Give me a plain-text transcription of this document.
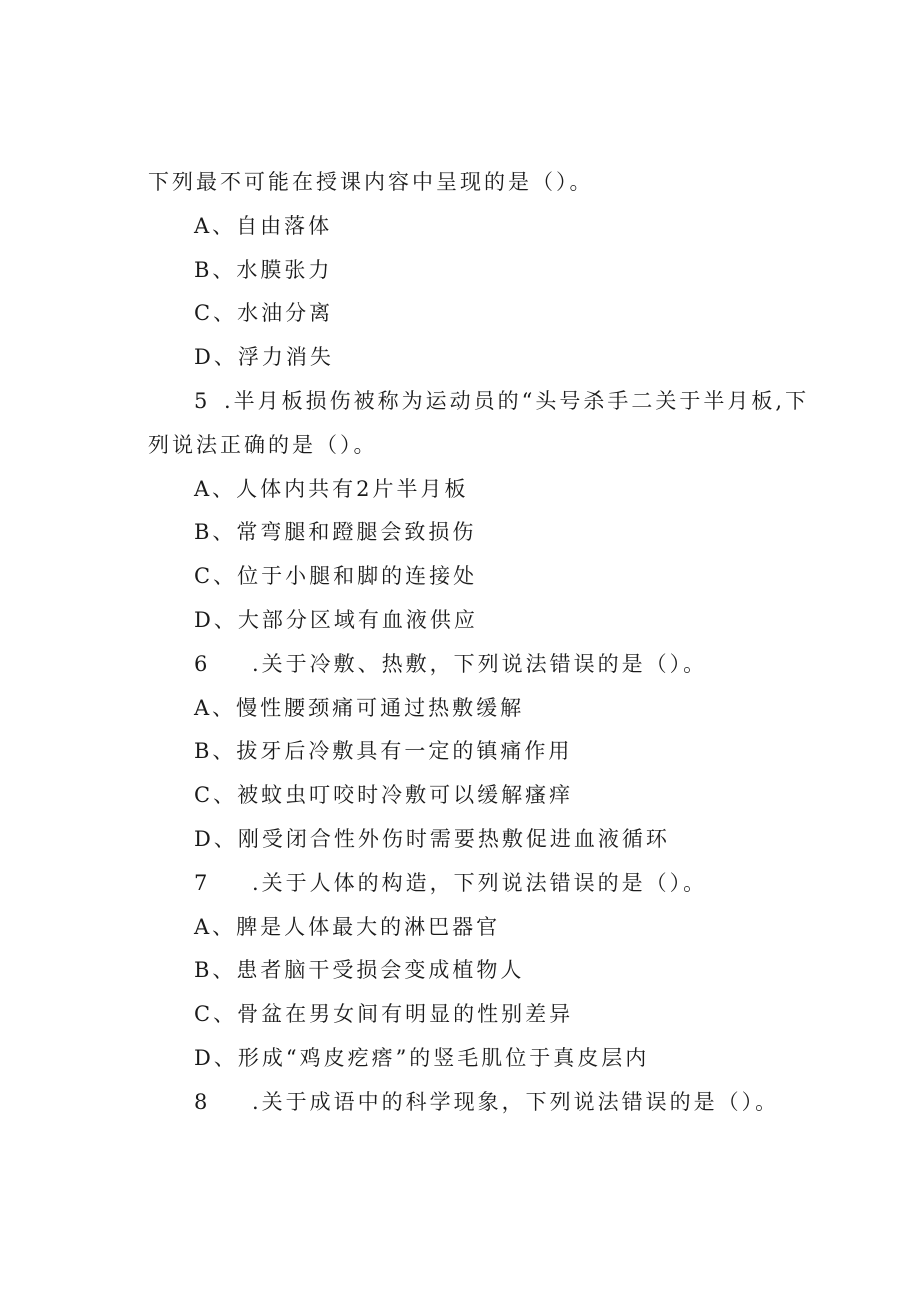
下列最不可能在授课内容中呈现的是（）。
A、自由落体
B、水膜张力
C、水油分离
D、浮力消失
5 .半月板损伤被称为运动员的“头号杀手二关于半月板,下
列说法正确的是（）。
A、人体内共有2片半月板
B、常弯腿和蹬腿会致损伤
C、位于小腿和脚的连接处
D、大部分区域有血液供应
6 .关于冷敷、热敷，下列说法错误的是（）。
A、慢性腰颈痛可通过热敷缓解
B、拔牙后冷敷具有一定的镇痛作用
C、被蚊虫叮咬时冷敷可以缓解瘙痒
D、刚受闭合性外伤时需要热敷促进血液循环
7 .关于人体的构造，下列说法错误的是（）。
A、脾是人体最大的淋巴器官
B、患者脑干受损会变成植物人
C、骨盆在男女间有明显的性别差异
D、形成“鸡皮疙瘩”的竖毛肌位于真皮层内
8 .关于成语中的科学现象，下列说法错误的是（）。
